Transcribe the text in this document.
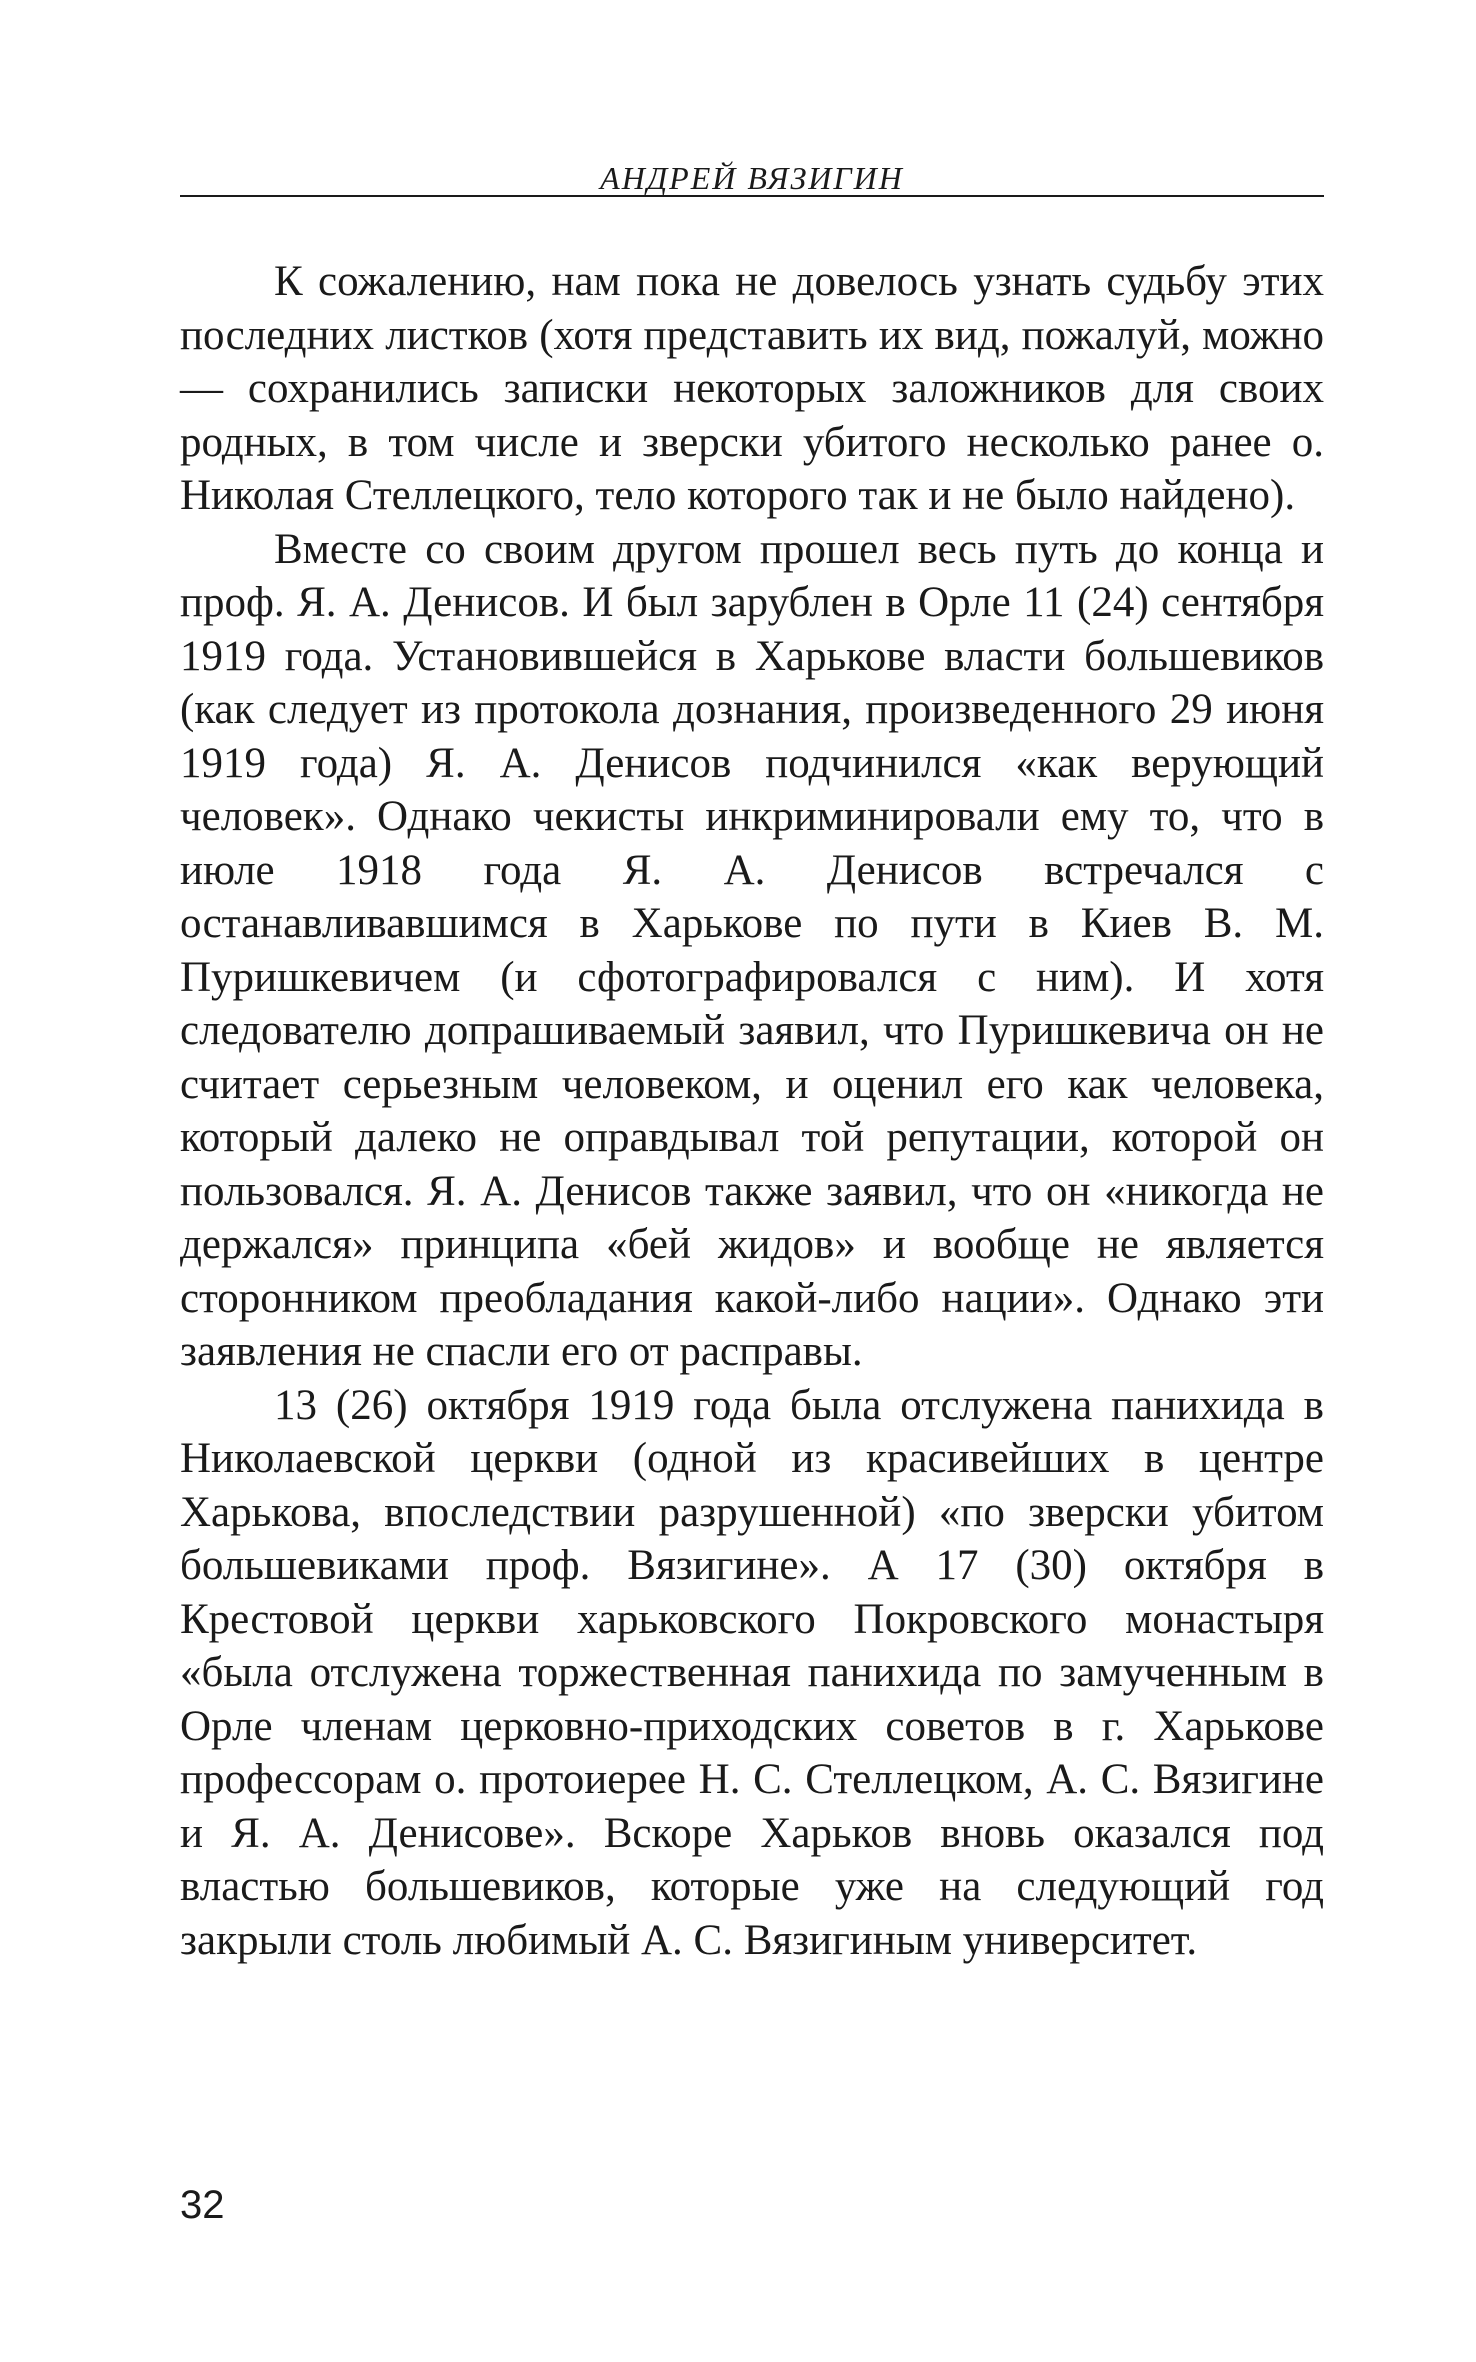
АНДРЕЙ ВЯЗИГИН

К сожалению, нам пока не довелось узнать судьбу этих последних листков (хотя представить их вид, пожалуй, можно — сохранились записки некоторых заложников для своих родных, в том числе и зверски убитого несколько ранее о. Николая Стеллецкого, тело которого так и не было найдено).

Вместе со своим другом прошел весь путь до конца и проф. Я. А. Денисов. И был зарублен в Орле 11 (24) сентября 1919 года. Установившейся в Харькове власти большевиков (как следует из протокола дознания, произведенного 29 июня 1919 года) Я. А. Денисов подчинился «как верующий человек». Однако чекисты инкриминировали ему то, что в июле 1918 года Я. А. Денисов встречался с останавливавшимся в Харькове по пути в Киев В. М. Пуришкевичем (и сфотографировался с ним). И хотя следователю допрашиваемый заявил, что Пуришкевича он не считает серьезным человеком, и оценил его как человека, который далеко не оправдывал той репутации, которой он пользовался. Я. А. Денисов также заявил, что он «никогда не держался» принципа «бей жидов» и вообще не является сторонником преобладания какой-либо нации». Однако эти заявления не спасли его от расправы.

13 (26) октября 1919 года была отслужена панихида в Николаевской церкви (одной из красивейших в центре Харькова, впоследствии разрушенной) «по зверски убитом большевиками проф. Вязигине». А 17 (30) октября в Крестовой церкви харьковского Покровского монастыря «была отслужена торжественная панихида по замученным в Орле членам церковно-приходских советов в г. Харькове профессорам о. протоиерее Н. С. Стеллецком, А. С. Вязигине и Я. А. Денисове». Вскоре Харьков вновь оказался под властью большевиков, которые уже на следующий год закрыли столь любимый А. С. Вязигиным университет.

32
